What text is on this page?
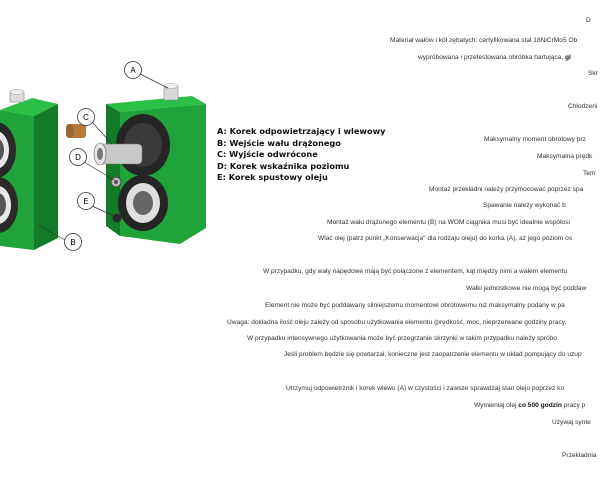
A
C
D
E
B
A: Korek odpowietrzający i wlewowy
B: Wejście wału drążonego
C: Wyjście odwrócone
D: Korek wskaźnika poziomu
E: Korek spustowy oleju
D
Materiał wałów i kół zębatych: certyfikowana stal 18NiCrMo5 Ob
wypróbowana i przetestowana obróbka hartująca, gl
Skr
Chłodzeni
Maksymalny moment obrotowy prz
Maksymalna prędk
Tem
Montaż przekładni należy przymocować poprzez spa
Spawanie należy wykonać b
Montaż wału drążonego elementu (B) na WOM ciągnika musi być idealnie współosi
Wlać olej (patrz punkt „Konserwacja" dla rodzaju oleju) do korka (A), aż jego poziom os
W przypadku, gdy wały napędowe mają być połączone z elementem, kąt między nimi a wałem elementu
Wałki jednostkowe nie mogą być poddaw
Element nie może być poddawany silniejszemu momentowi obrotowemu niż maksymalny podany w pa
Uwaga: dokładna ilość oleju zależy od sposobu użytkowania elementu (prędkość, moc, nieprzerwane godziny pracy,
W przypadku intensywnego użytkowania może być przegrzanie skrzynki w takim przypadku należy spróbo
Jeśli problem będzie się powtarzał, konieczne jest zaopatrzenie elementu w układ pompujący do uzup
Utrzymuj odpowietrznik i korek wlewu (A) w czystości i zawsze sprawdzaj stan oleju poprzez ko
Wymieniaj olej co 500 godzin pracy p
Używaj synte
Przekładnia
